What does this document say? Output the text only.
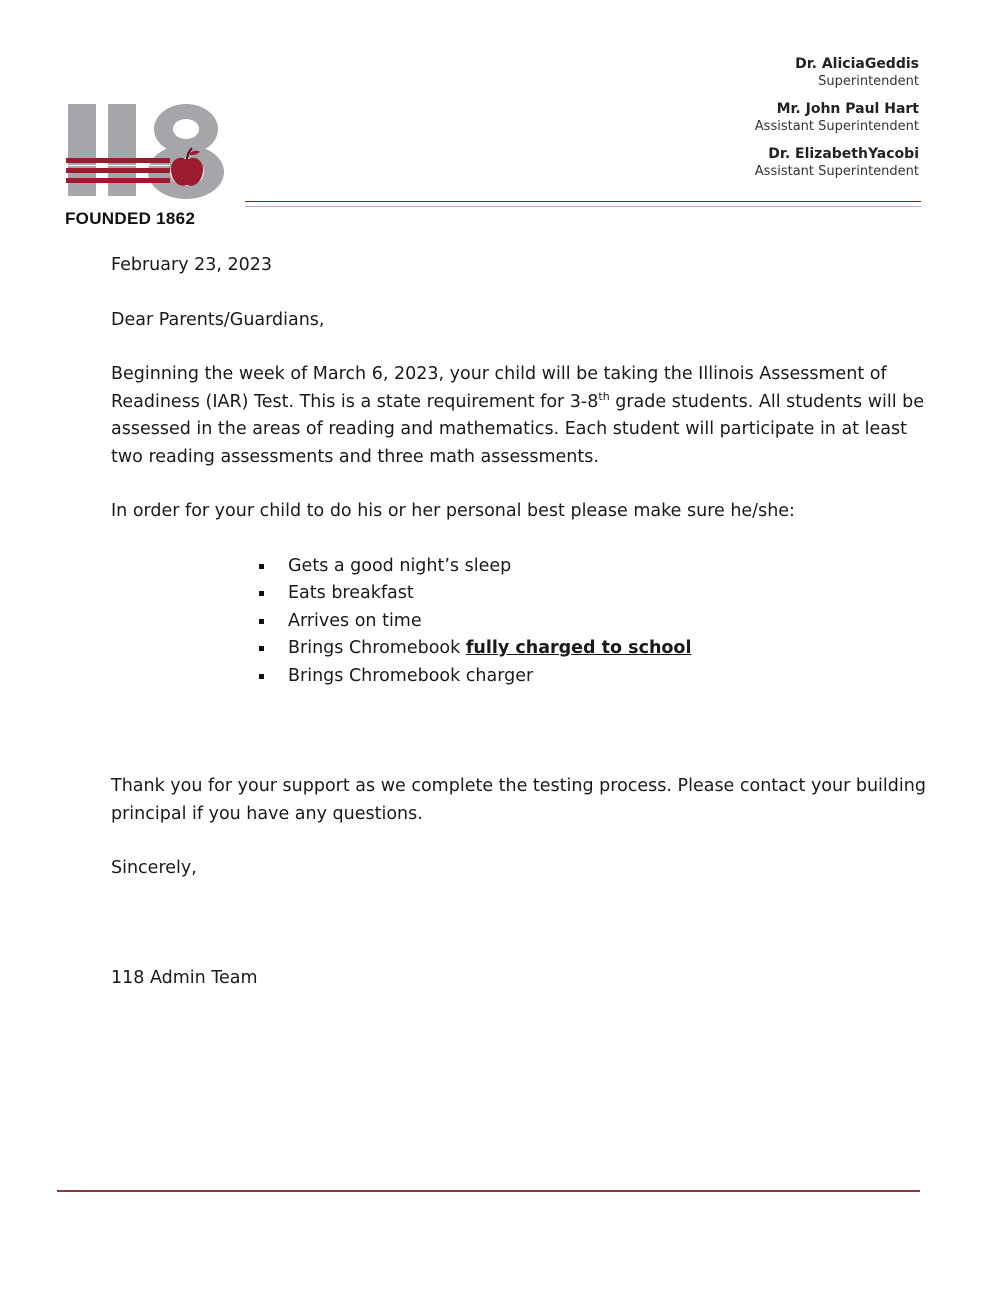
FOUNDED 1862
Dr. AliciaGeddis
Superintendent
Mr. John Paul Hart
Assistant Superintendent
Dr. ElizabethYacobi
Assistant Superintendent

February 23, 2023

Dear Parents/Guardians,

Beginning the week of March 6, 2023, your child will be taking the Illinois Assessment of Readiness (IAR) Test. This is a state requirement for 3-8th grade students. All students will be assessed in the areas of reading and mathematics. Each student will participate in at least two reading assessments and three math assessments.

In order for your child to do his or her personal best please make sure he/she:

Gets a good night’s sleep
Eats breakfast
Arrives on time
Brings Chromebook fully charged to school
Brings Chromebook charger

Thank you for your support as we complete the testing process. Please contact your building principal if you have any questions.

Sincerely,

118 Admin Team
